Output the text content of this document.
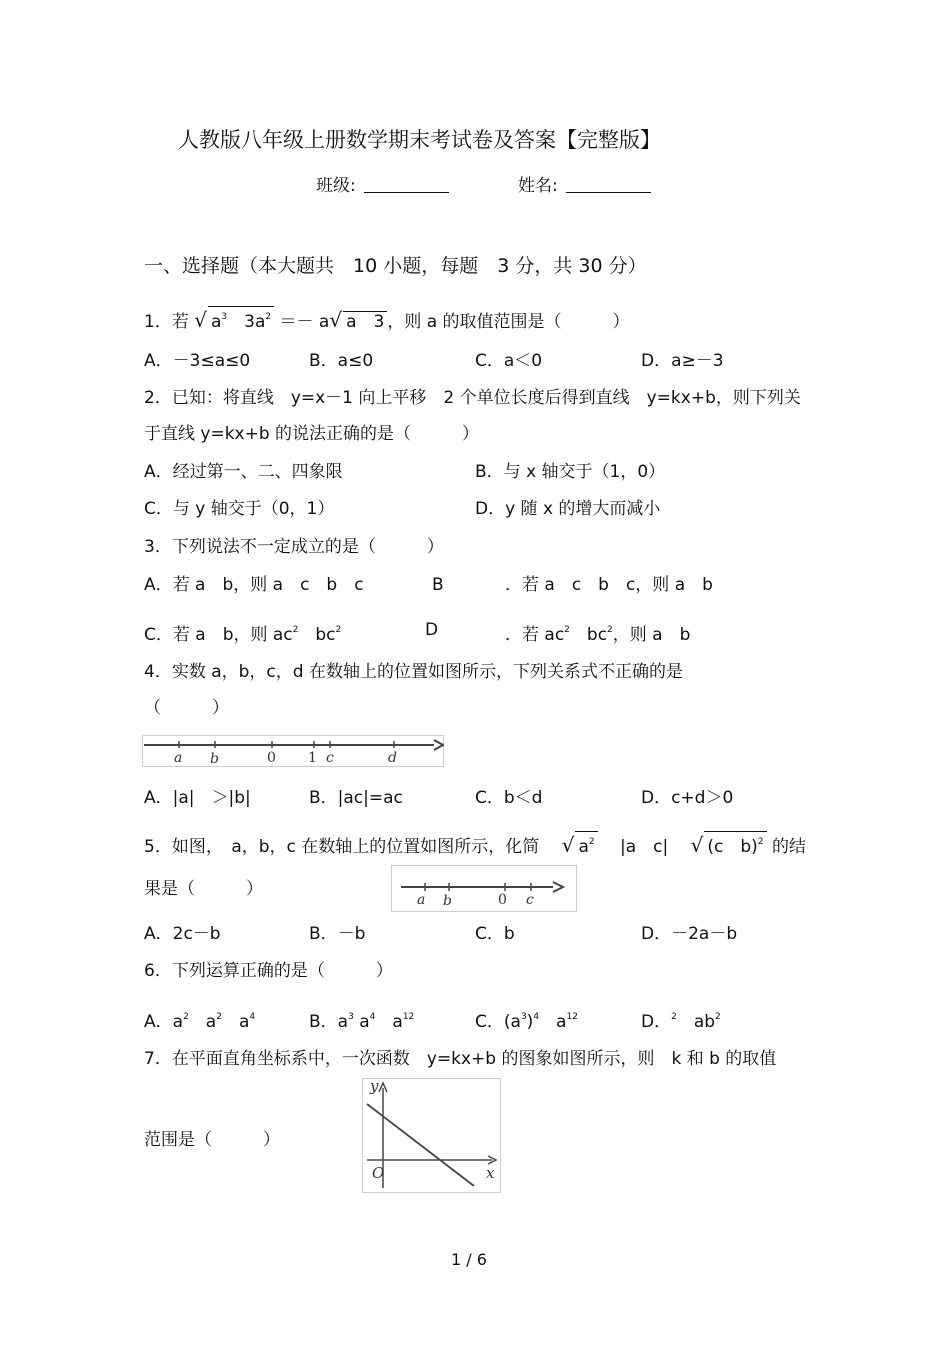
人教版八年级上册数学期末考试卷及答案【完整版】
班级:	姓名:
一、选择题（本大题共　10 小题，每题　3 分，共 30 分）
1．若 √ $a^3$　 $3a^2 =- a√$ a　3 ，则 a 的取值范围是（　　　）
A．－3≤a≤0	B．a≤0	C．a＜0	D．a≥－3
2．已知：将直线　y=x－1 向上平移　2 个单位长度后得到直线　y=kx+b，则下列关
于直线 y=kx+b 的说法正确的是（　　　）
A．经过第一、二、四象限	B．与 x 轴交于（1，0）
C．与 y 轴交于（0，1）	D．y 随 x 的增大而减小
3．下列说法不一定成立的是（　　　）
A．若 a　b，则 a　c　b　c	B	．若 a　c　b　c，则 a　b
C．若 a　b，则 $ac^2$　$bc^2$	D	．若 $ac^2$　$bc^2$，则 a　b
4．实数 a，b，c，d 在数轴上的位置如图所示，下列关系式不正确的是
（　　　）
a b	0 1 c	d
A．|a|　＞|b|	B．|ac|=ac	C．b＜d	D．c+d＞0
5．如图，　a，b，c 在数轴上的位置如图所示，化简　 √ $a^2$ 　|a　c|　 √ (c　b)$^2$ 的结
果是（　　　）
a b	0 c
A．2c－b	B．－b	C．b	D．－2a－b
6．下列运算正确的是（　　　）
A．$a^2$　$a^2$　$a^4$	B．$a^3$ $a^4$　$a^{12}$	C．$(a^3)^4$　$a^{12}$	D．$^2$　$ab^2$
7．在平面直角坐标系中，一次函数　y=kx+b 的图象如图所示，则　k 和 b 的取值
范围是（　　　）
y
O	x
1 / 6
